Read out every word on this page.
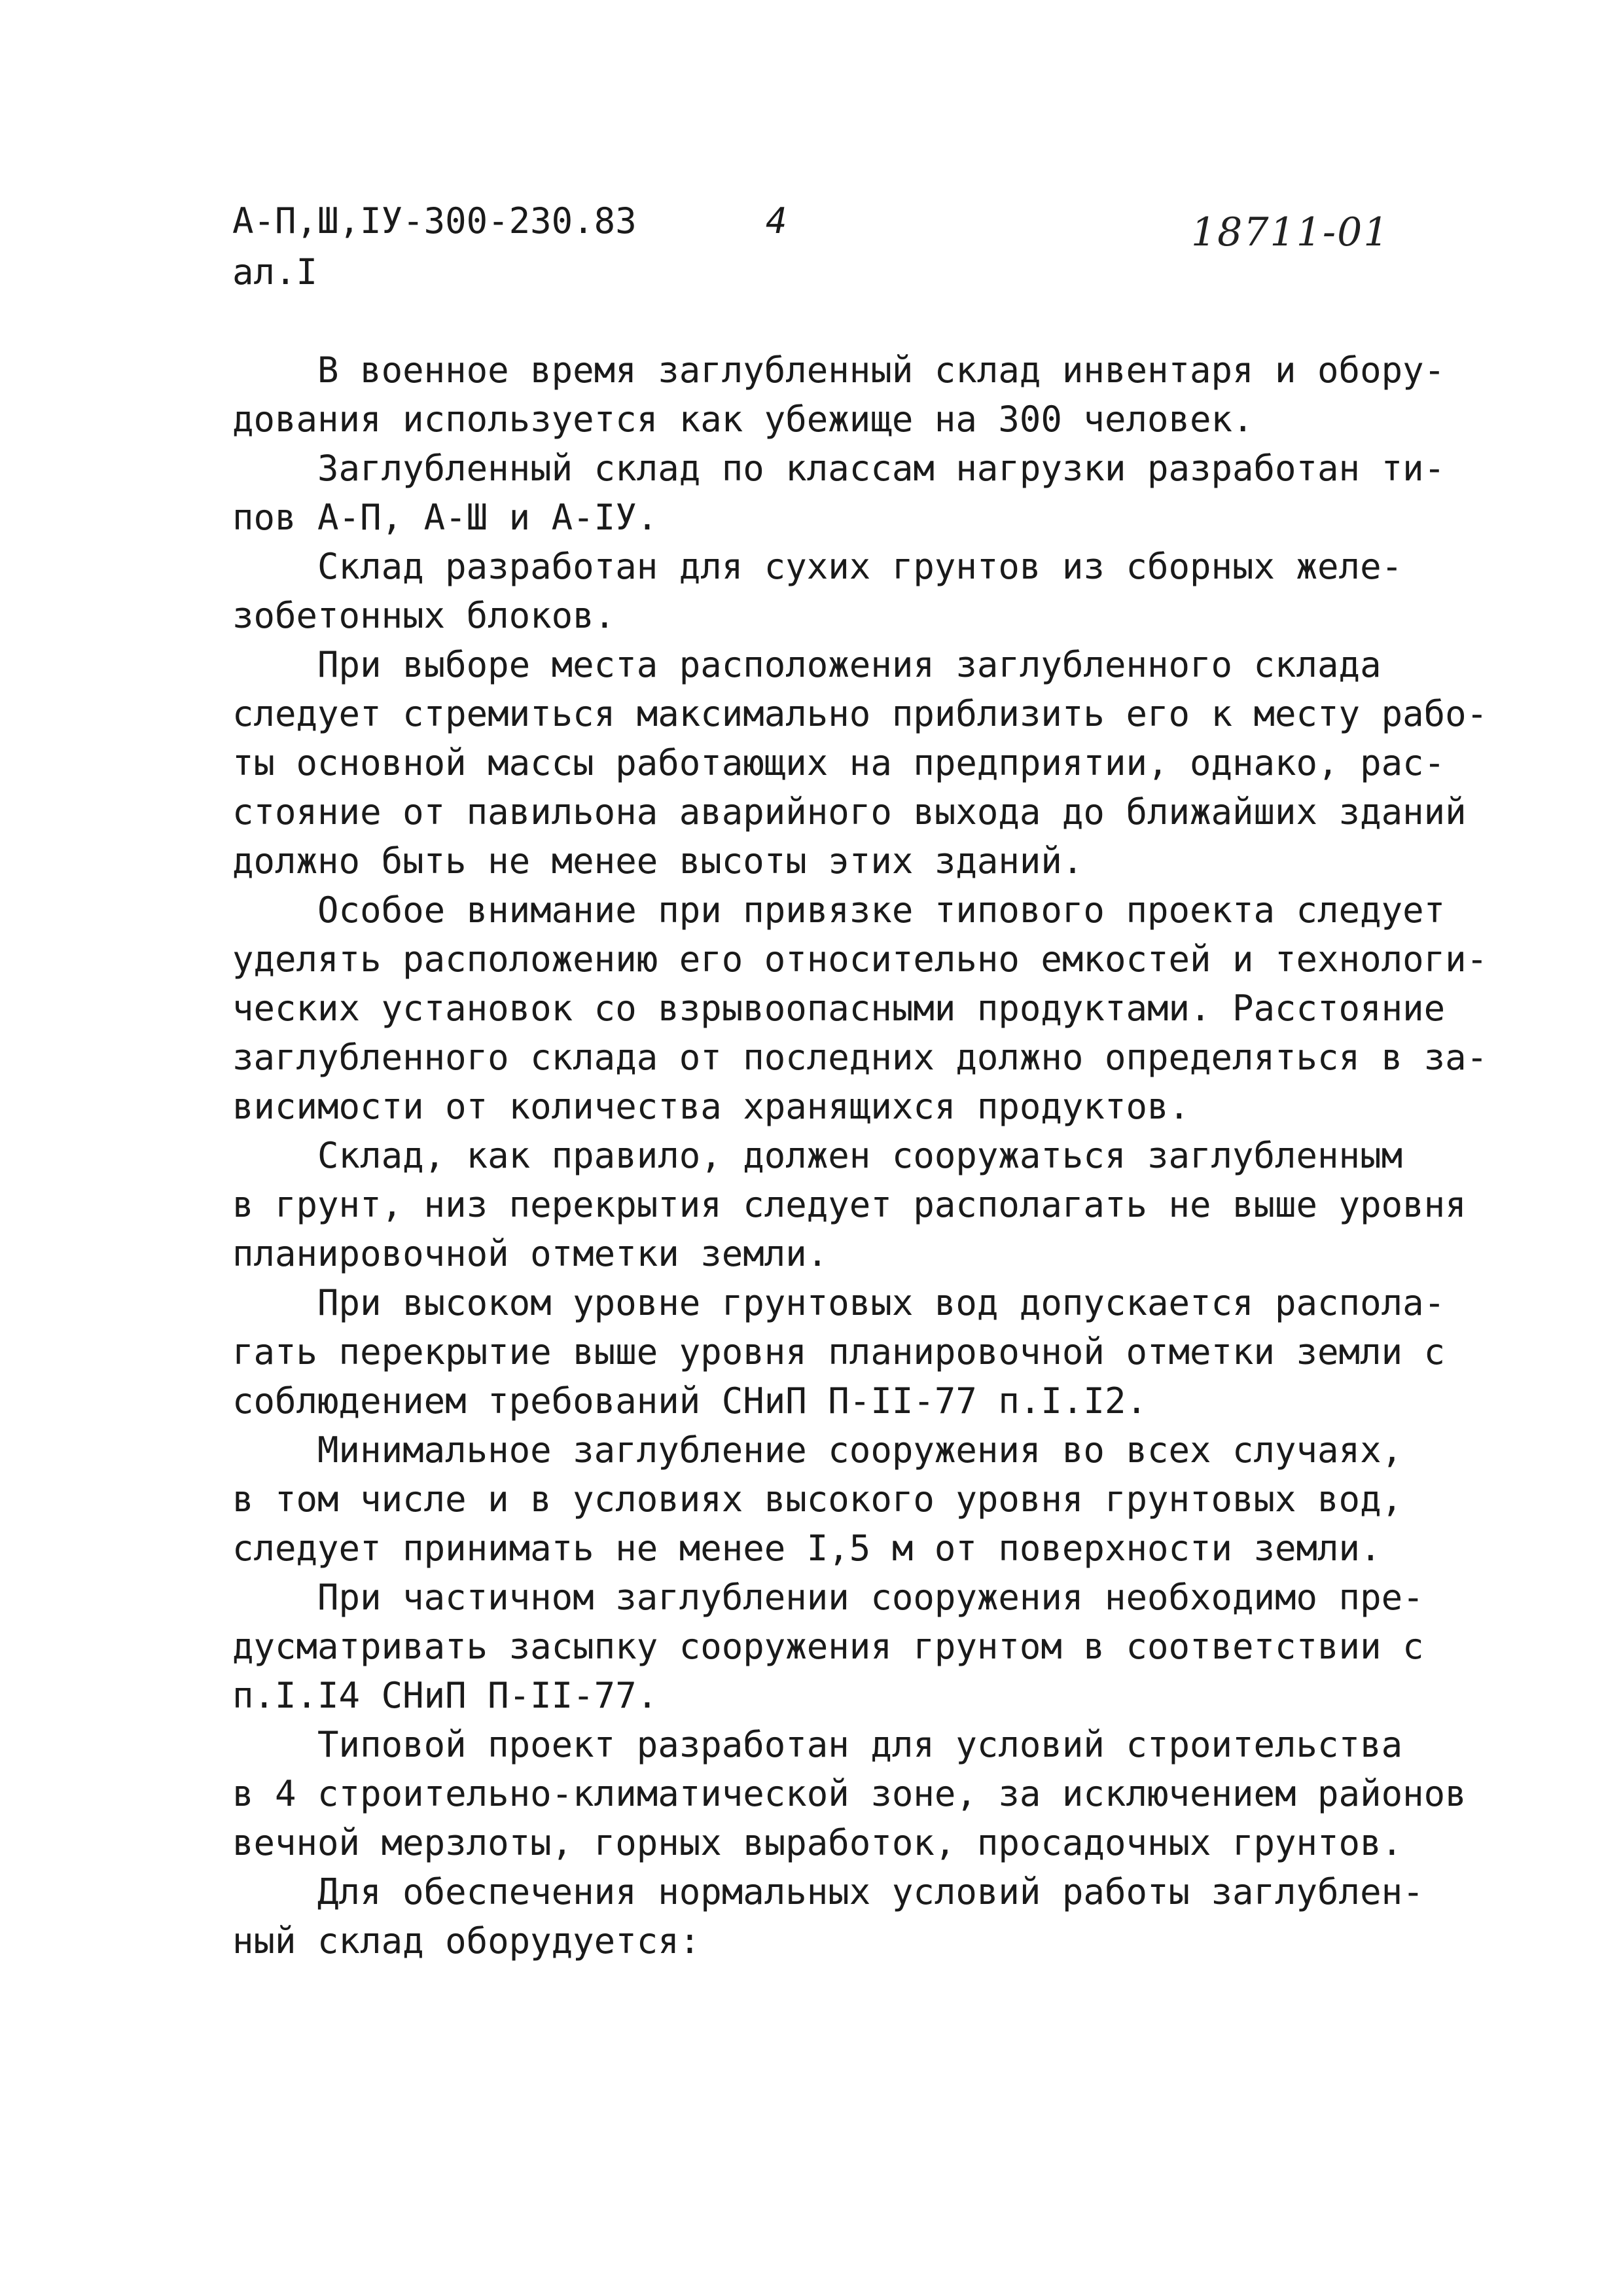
А-П,Ш,IУ-300-230.83
ал.I
4	18711-01
В военное время заглубленный склад инвентаря и обору-
дования используется как убежище на 300 человек.
Заглубленный склад по классам нагрузки разработан ти-
пов А-П, А-Ш и А-IУ.
Склад разработан для сухих грунтов из сборных желе-
зобетонных блоков.
При выборе места расположения заглубленного склада
следует стремиться максимально приблизить его к месту рабо-
ты основной массы работающих на предприятии, однако, рас-
стояние от павильона аварийного выхода до ближайших зданий
должно быть не менее высоты этих зданий.
Особое внимание при привязке типового проекта следует
уделять расположению его относительно емкостей и технологи-
ческих установок со взрывоопасными продуктами. Расстояние
заглубленного склада от последних должно определяться в за-
висимости от количества хранящихся продуктов.
Склад, как правило, должен сооружаться заглубленным
в грунт, низ перекрытия следует располагать не выше уровня
планировочной отметки земли.
При высоком уровне грунтовых вод допускается распола-
гать перекрытие выше уровня планировочной отметки земли с
соблюдением требований СНиП П-II-77 п.I.I2.
Минимальное заглубление сооружения во всех случаях,
в том числе и в условиях высокого уровня грунтовых вод,
следует принимать не менее I,5 м от поверхности земли.
При частичном заглублении сооружения необходимо пре-
дусматривать засыпку сооружения грунтом в соответствии с
п.I.I4 СНиП П-II-77.
Типовой проект разработан для условий строительства
в 4 строительно-климатической зоне, за исключением районов
вечной мерзлоты, горных выработок, просадочных грунтов.
Для обеспечения нормальных условий работы заглублен-
ный склад оборудуется:
